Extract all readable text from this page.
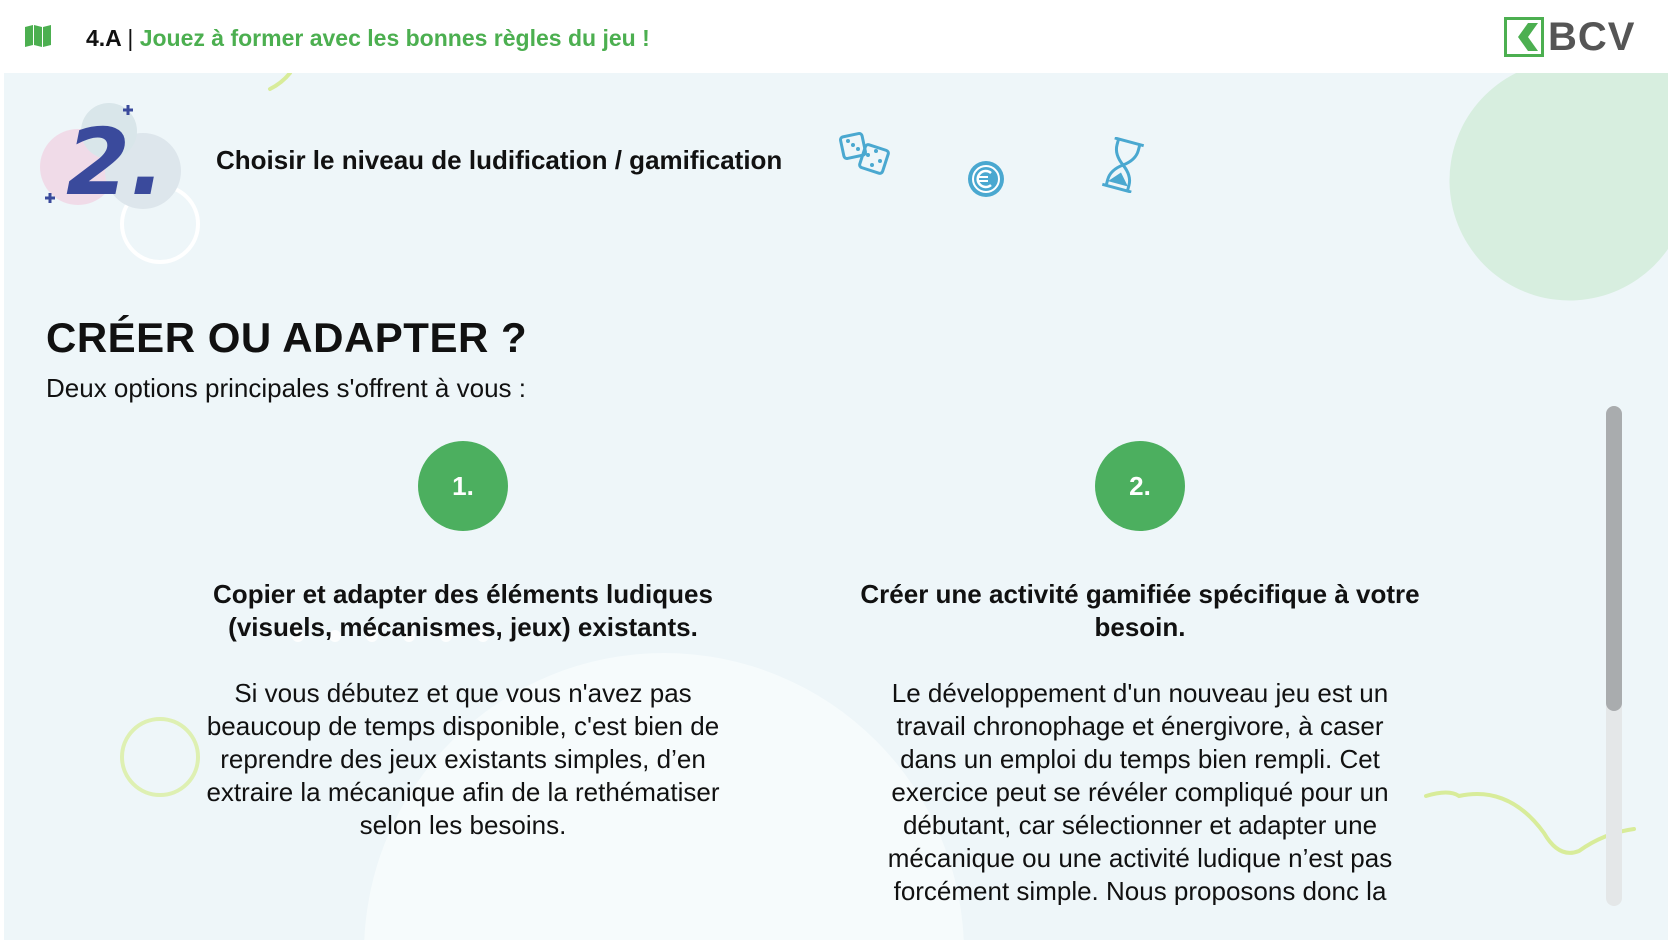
4.A | Jouez à former avec les bonnes règles du jeu !	BCV
2. Choisir le niveau de ludification / gamification
CRÉER OU ADAPTER ?
Deux options principales s'offrent à vous :
1.	2.
Copier et adapter des éléments ludiques
(visuels, mécanismes, jeux) existants.
Si vous débutez et que vous n'avez pas
beaucoup de temps disponible, c'est bien de
reprendre des jeux existants simples, d’en
extraire la mécanique afin de la rethématiser
selon les besoins.
Créer une activité gamifiée spécifique à votre
besoin.
Le développement d'un nouveau jeu est un
travail chronophage et énergivore, à caser
dans un emploi du temps bien rempli. Cet
exercice peut se révéler compliqué pour un
débutant, car sélectionner et adapter une
mécanique ou une activité ludique n’est pas
forcément simple. Nous proposons donc la
